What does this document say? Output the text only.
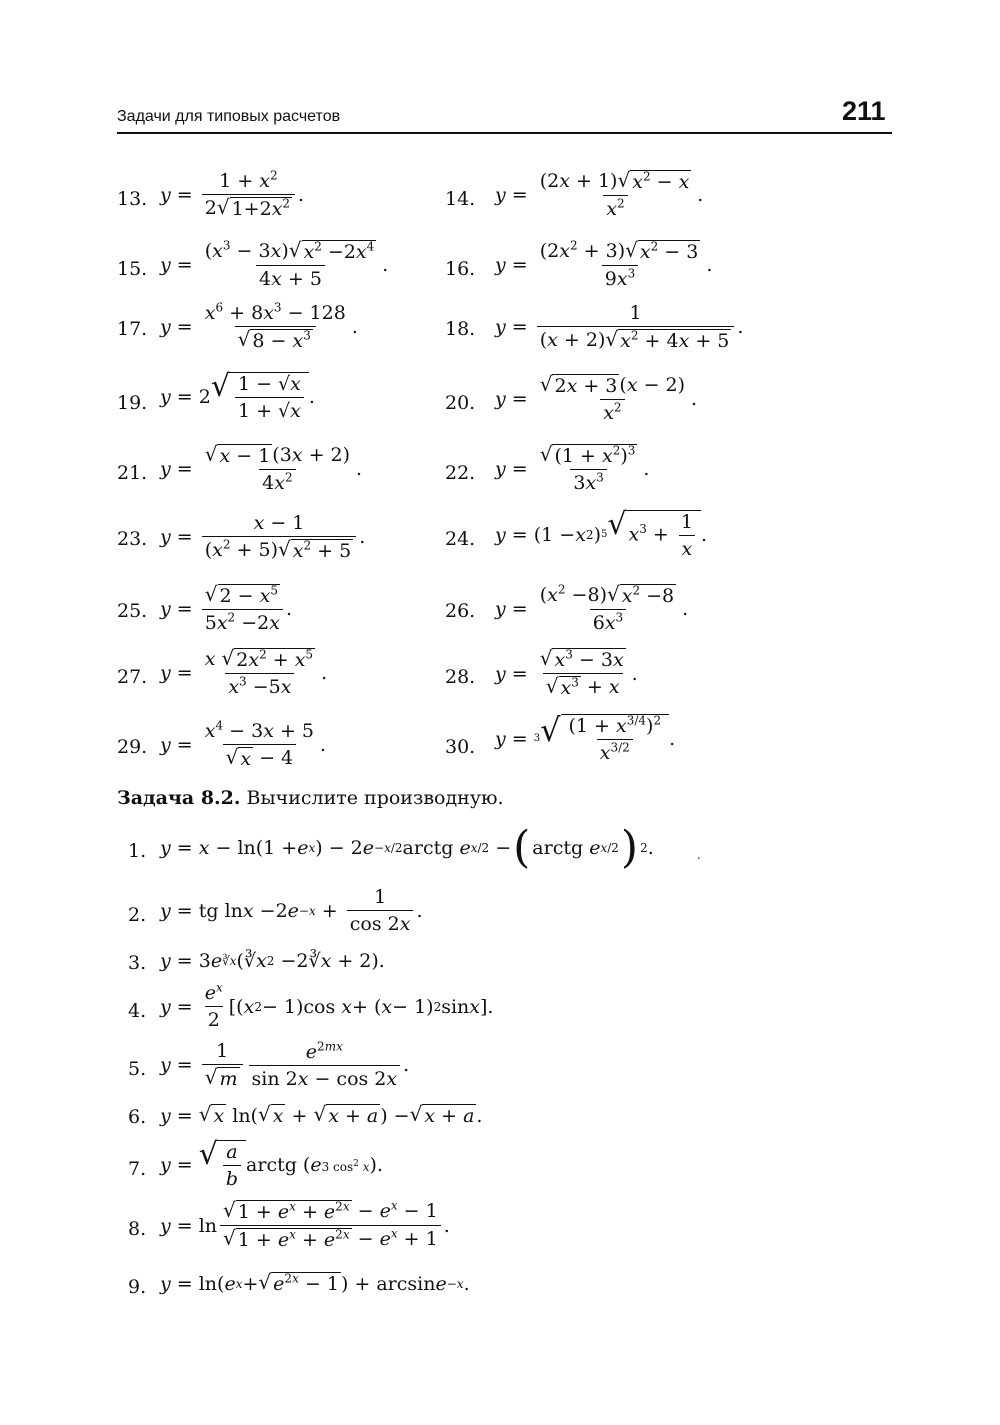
Задачи для типовых расчетов	211
13. $y = \frac{1 + x^2}{2 √ 1+2x^2}$ .	14. $y = \frac{(2x + 1) √ x^2 - x}{x^2}$ .
15. $y = \frac{(x^3 - 3x) √ x^2 -2x^4}{4x + 5}$ .	16. $y = \frac{(2x^2 + 3) √ x^2 - 3}{9x^3}$ .
17. $y = \frac{x^6 + 8x^3 - 128}{√ 8 - x^3}$ .	18. $y = \frac{1}{(x + 2) √ x^2 + 4x + 5}$ .
19. y = 2 √ $\frac{1 - √x}{1 + √x}$ .	20. $y = \frac{√ 2x + 3 (x - 2)}{x^2}$ .
21. $y = \frac{√ x - 1 (3x + 2)}{4x^2}$ .	22. $y = \frac{√ (1 + x^2)^3}{3x^3}$ .
23. $y = \frac{x - 1}{(x^2 + 5) √ x^2 + 5}$ .	24. y = (1 − x 2 ) 5 √ $x^3 + \frac{1}{x}$ .
25. $y = \frac{√ 2 - x^5}{5x^2 -2x}$ .	26. $y = \frac{(x^2 -8) √ x^2 -8}{6x^3}$ .
27. $y = \frac{x √ 2x^2 + x^5}{x^3 -5x}$ .	28. $y = \frac{√ x^3 - 3x}{√ x^3 + x}$ .
29. $y = \frac{x^4 - 3x + 5}{√ x - 4}$ .	30. y = 3 √ $\frac{(1 + x^{3/4})^2}{x^{3/2}}$ .
Задача 8.2. Вычислите производную.
1. y = x − ln(1 + e x ) − 2 e −x/2 arctg e x/2 − ( arctg e x/2 ) 2 .	.
2. y = tg ln x −2 $e -x + \frac{1}{\cos 2x}$ .
3. y = 3 e ∛x (∛ x 2 −2∛ x + 2).
4. $y = \frac{e^x}{2}$ [( x 2 − 1)cos x + ( x − 1) 2 sin x ].
5. $y = \frac{1}{√ m} \frac{e^{2mx}}{\sin 2x - \cos 2x}$ .
6. y = √ x ln( √ x + √ x + a ) − √ x + a .
7. y = √ $\frac{a}{b}$ arctg ( e 3 $\cos^2 x$ ).
8. $y = \ln \frac{√ 1 + e^x + e^{2x} - e^x - 1}{√ 1 + e^x + e^{2x} - e^x + 1}$ .
9. y = ln( e x + √ $e^{2x} - 1$ ) + arcsin e −x .
